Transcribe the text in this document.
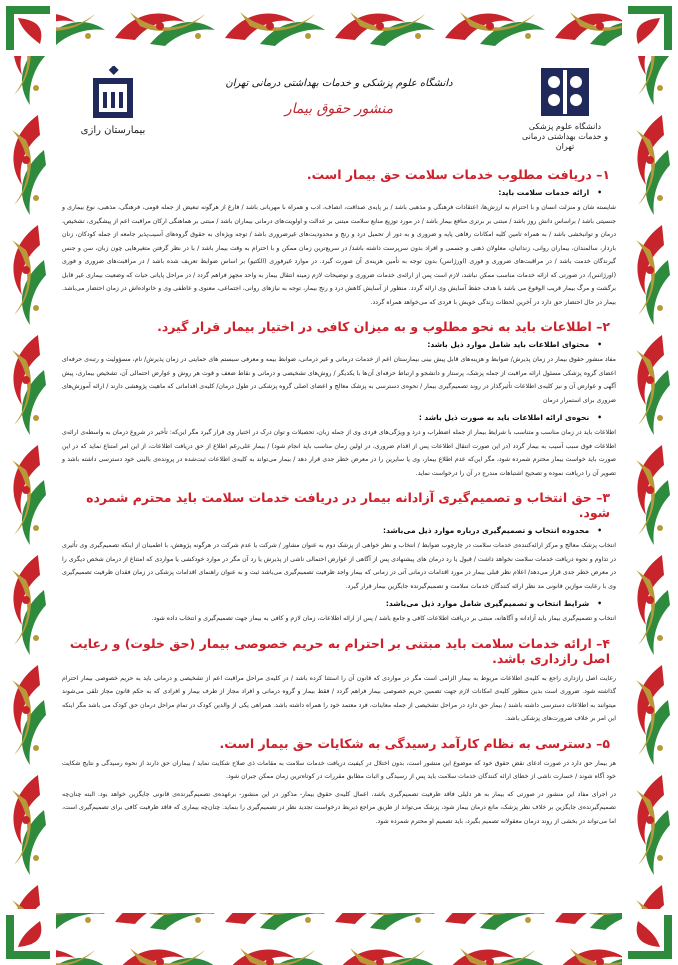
دانشگاه علوم پزشکی
و خدمات بهداشتی درمانی تهران
دانشگاه علوم پزشکی و خدمات بهداشتی درمانی تهران
منشور حقوق بیمار
بیمارستان رازی
۱– دریافت مطلوب خدمات سلامت حق بیمار است.
• ارائه خدمات سلامت باید:

شایسته شان و منزلت انسان و با احترام به ارزش‌ها، اعتقادات فرهنگی و مذهبی باشد / بر پایه‌ی صداقت، انصاف، ادب و همراه با مهربانی باشد / فارغ از هرگونه تبعیض از جمله قومی، فرهنگی، مذهبی، نوع بیماری و جنسیتی باشد / براساس دانش روز باشد / مبتنی بر برتری منافع بیمار باشد / در مورد توزیع منابع سلامت مبتنی بر عدالت و اولویت‌های درمانی بیماران باشد / مبتنی بر هماهنگی ارکان مراقبت اعم از پیشگیری، تشخیص، درمان و توانبخشی باشد / به همراه تامین کلیه امکانات رفاهی پایه و ضروری و به دور از تحمیل درد و رنج و محدودیت‌های غیرضروری باشد / توجه ویژه‌ای به حقوق گروه‌های آسیب‌پذیر جامعه از جمله کودکان، زنان باردار، سالمندان، بیماران روانی، زندانیان، معلولان ذهنی و جسمی و افراد بدون سرپرست داشته باشد/ در سریع‌ترین زمان ممکن و با احترام به وقت بیمار باشد / با در نظر گرفتن متغیرهایی چون زبان، سن و جنس گیرندگان خدمت باشد / در مراقبت‌های ضروری و فوری (اورژانس) بدون توجه به تأمین هزینه‌ی آن صورت گیرد. در موارد غیرفوری (الکتیو) بر اساس ضوابط تعریف شده باشد / در مراقبت‌های ضروری و فوری (اورژانس)، در صورتی که ارائه خدمات مناسب ممکن نباشد، لازم است پس از ارائه‌ی خدمات ضروری و توضیحات لازم زمینه انتقال بیمار به واحد مجهز فراهم گردد / در مراحل پایانی حیات که وضعیت بیماری غیر قابل برگشت و مرگ بیمار قریب الوقوع می باشد با هدف حفظ آسایش وی ارائه گردد. منظور از آسایش کاهش درد و رنج بیمار، توجه به نیازهای روانی، اجتماعی، معنوی و عاطفی وی و خانواده‌اش در زمان احتضار می‌باشد. بیمار در حال احتضار حق دارد در آخرین لحظات زندگی خویش با فردی که می‌خواهد همراه گردد.

۲– اطلاعات باید به نحو مطلوب و به میزان کافی در اختیار بیمار قرار گیرد.
• محتوای اطلاعات باید شامل موارد ذیل باشد:

مفاد منشور حقوق بیمار در زمان پذیرش/ ضوابط و هزینه‌های قابل پیش بینی بیمارستان اعم از خدمات درمانی و غیر درمانی، ضوابط بیمه و معرفی سیستم های حمایتی در زمان پذیرش/ نام، مسؤولیت و رتبه‌ی حرفه‌ای اعضای گروه پزشکی مسئول ارائه مراقبت از جمله پزشک، پرستار و دانشجو و ارتباط حرفه‌ای آن‌ها با یکدیگر / روش‌های تشخیصی و درمانی و نقاط ضعف و قوت هر روش و عوارض احتمالی آن، تشخیص بیماری، پیش آگهی و عوارض آن و نیز کلیه‌ی اطلاعات تأثیرگذار در روند تصمیم‌گیری بیمار / نحوه‌ی دسترسی به پزشک معالج و اعضای اصلی گروه پزشکی در طول درمان/ کلیه‌ی اقداماتی که ماهیت پژوهشی دارند / ارائه آموزش‌های ضروری برای استمرار درمان

• نحوه‌ی ارائه اطلاعات باید به صورت ذیل باشد :

اطلاعات باید در زمان مناسب و متناسب با شرایط بیمار از جمله اضطراب و درد و ویژگی‌های فردی وی از جمله زبان، تحصیلات و توان درک در اختیار وی قرار گیرد مگر این‌که: تأخیر در شروع درمان به واسطه‌ی ارائه‌ی اطلاعات فوق سبب آسیب به بیمار گردد (در این صورت انتقال اطلاعات پس از اقدام ضروری، در اولین زمان مناسب باید انجام شود) / بیمار علی‌رغم اطلاع از حق دریافت اطلاعات، از این امر امتناع نماید که در این صورت باید خواست بیمار محترم شمرده شود، مگر این‌که عدم اطلاع بیمار، وی یا سایرین را در معرض خطر جدی قرار دهد / بیمار می‌تواند به کلیه‌ی اطلاعات ثبت‌شده در پرونده‌ی بالینی خود دسترسی داشته باشد و تصویر آن را دریافت نموده و تصحیح اشتباهات مندرج در آن را درخواست نماید.

۳– حق انتخاب و تصمیم‌گیری آزادانه بیمار در دریافت خدمات سلامت باید محترم شمرده شود.
• محدوده انتخاب و تصمیم‌گیری درباره موارد ذیل می‌باشد:

انتخاب پزشک معالج و مرکز ارائه‌کننده‌ی خدمات سلامت در چارچوب ضوابط / انتخاب و نظر خواهی از پزشک دوم به عنوان مشاور / شرکت یا عدم شرکت در هرگونه پژوهش، با اطمینان از اینکه تصمیم‌گیری وی تأثیری در تداوم و نحوه دریافت خدمات سلامت نخواهد داشت / قبول یا رد درمان های پیشنهادی پس از آگاهی از عوارض احتمالی ناشی از پذیرش یا رد آن مگر در موارد خودکشی یا مواردی که امتناع از درمان شخص دیگری را در معرض خطر جدی قرار می‌دهد/ اعلام نظر قبلی بیمار در مورد اقدامات درمانی آتی در زمانی که بیمار واجد ظرفیت تصمیم‌گیری می‌باشد ثبت و به عنوان راهنمای اقدامات پزشکی در زمان فقدان ظرفیت تصمیم‌گیری وی با رعایت موازین قانونی مد نظر ارائه کنندگان خدمات سلامت و تصمیم‌گیرنده جایگزین بیمار قرار گیرد.

• شرایط انتخاب و تصمیم‌گیری شامل موارد ذیل می‌باشد:

انتخاب و تصمیم‌گیری بیمار باید آزادانه و آگاهانه، مبتنی بر دریافت اطلاعات کافی و جامع باشد / پس از ارائه اطلاعات، زمان لازم و کافی به بیمار جهت تصمیم‌گیری و انتخاب داده شود.

۴– ارائه خدمات سلامت باید مبتنی بر احترام به حریم خصوصی بیمار (حق خلوت) و رعایت اصل رازداری باشد.

رعایت اصل رازداری راجع به کلیه‌ی اطلاعات مربوط به بیمار الزامی است مگر در مواردی که قانون آن را استثنا کرده باشد / در کلیه‌ی مراحل مراقبت اعم از تشخیصی و درمانی باید به حریم خصوصی بیمار احترام گذاشته شود. ضروری است بدین منظور کلیه‌ی امکانات لازم جهت تضمین حریم خصوصی بیمار فراهم گردد / فقط بیمار و گروه درمانی و افراد مجاز از طرف بیمار و افرادی که به حکم قانون مجاز تلقی می‌شوند میتوانند به اطلاعات دسترسی داشته باشند / بیمار حق دارد در مراحل تشخیصی از جمله معاینات، فرد معتمد خود را همراه داشته باشد. همراهی یکی از والدین کودک در تمام مراحل درمان حق کودک می باشد مگر اینکه این امر بر خلاف ضرورت‌های پزشکی باشد.

۵– دسترسی به نظام کارآمد رسیدگی به شکایات حق بیمار است.

هر بیمار حق دارد در صورت ادعای نقض حقوق خود که موضوع این منشور است، بدون اختلال در کیفیت دریافت خدمات سلامت به مقامات ذی صلاح شکایت نماید / بیماران حق دارند از نحوه رسیدگی و نتایج شکایت خود آگاه شوند / خسارت ناشی از خطای ارائه کنندگان خدمات سلامت باید پس از رسیدگی و اثبات مطابق مقررات در کوتاه‌ترین زمان ممکن جبران شود.

در اجرای مفاد این منشور در صورتی که بیمار به هر دلیلی فاقد ظرفیت تصمیم‌گیری باشد، اعمال کلیه‌ی حقوق بیمار- مذکور در این منشور- برعهده‌ی تصمیم‌گیرنده‌ی قانونی جایگزین خواهد بود. البته چنان‌چه تصمیم‌گیرنده‌ی جایگزین بر خلاف نظر پزشک، مانع درمان بیمار شود، پزشک می‌تواند از طریق مراجع ذیربط درخواست تجدید نظر در تصمیم‌گیری را بنماید. چنان‌چه بیماری که فاقد ظرفیت کافی برای تصمیم‌گیری است، اما می‌تواند در بخشی از روند درمان معقولانه تصمیم بگیرد، باید تصمیم او محترم شمرده شود.
